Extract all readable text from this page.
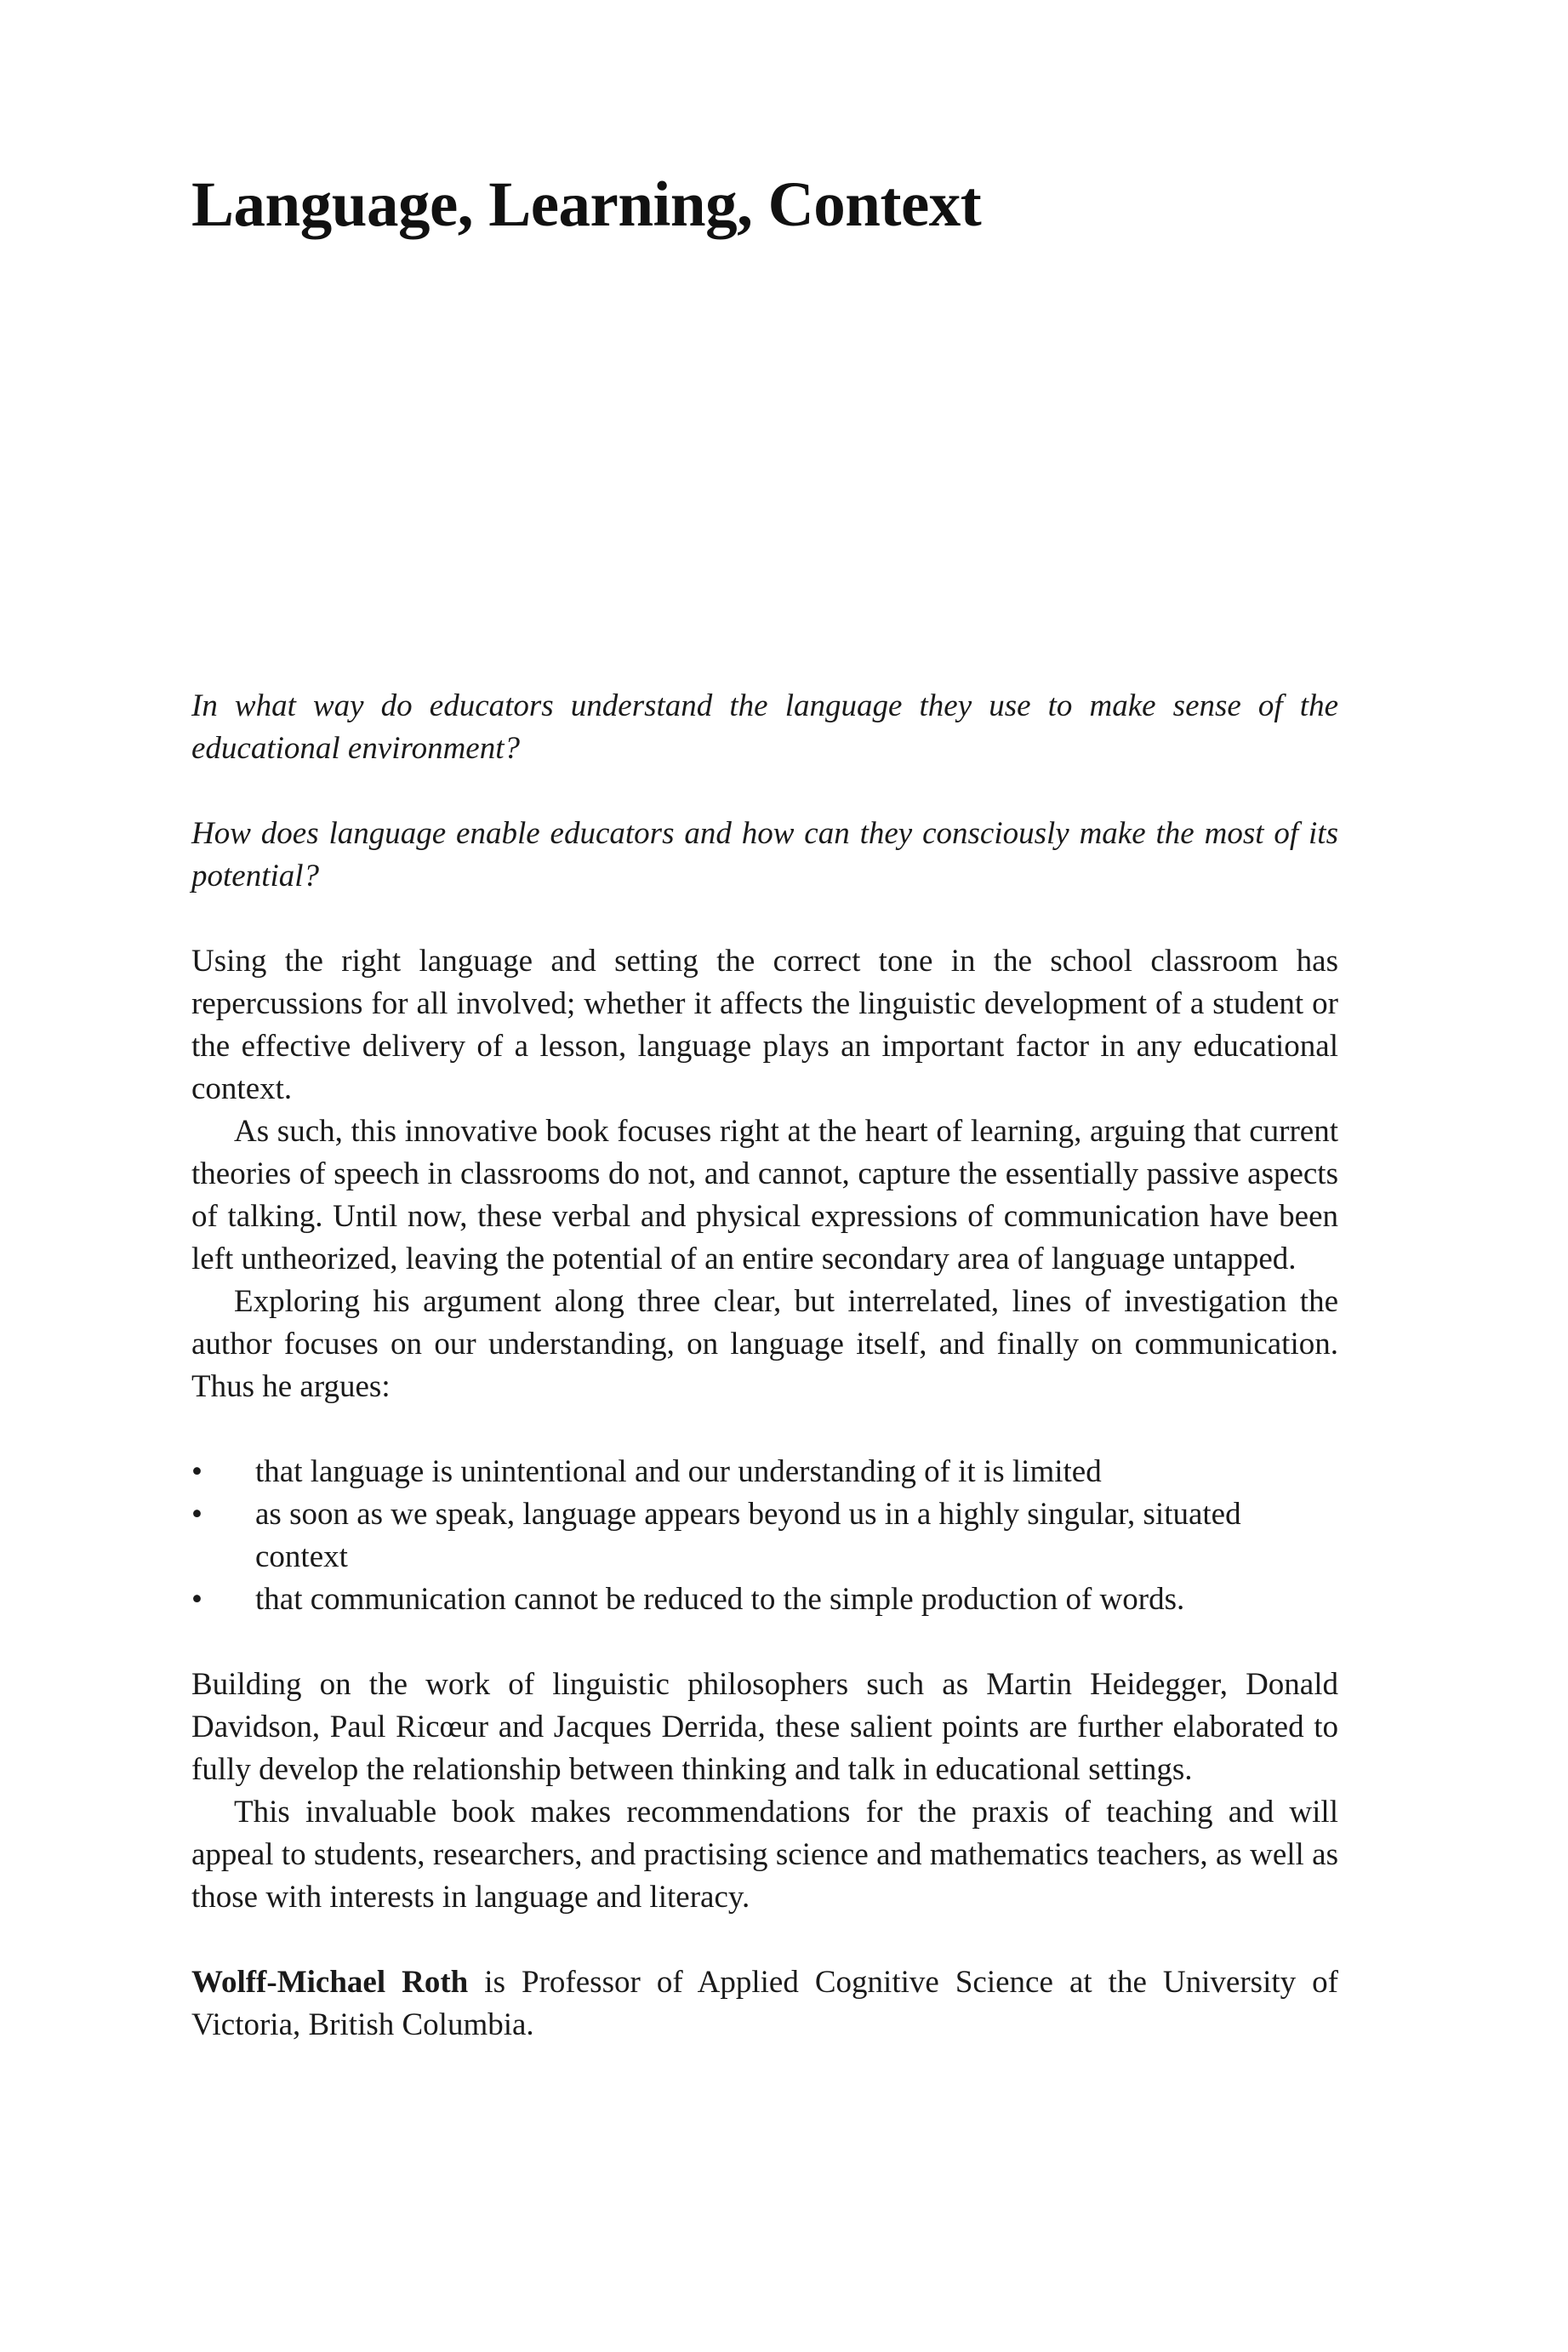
Language, Learning, Context

In what way do educators understand the language they use to make sense of the educational environment?

How does language enable educators and how can they consciously make the most of its potential?

Using the right language and setting the correct tone in the school classroom has repercussions for all involved; whether it affects the linguistic development of a student or the effective delivery of a lesson, language plays an important factor in any educational context.

As such, this innovative book focuses right at the heart of learning, arguing that current theories of speech in classrooms do not, and cannot, capture the essentially passive aspects of talking. Until now, these verbal and physical expressions of communication have been left untheorized, leaving the potential of an entire secondary area of language untapped.

Exploring his argument along three clear, but interrelated, lines of investigation the author focuses on our understanding, on language itself, and finally on communication. Thus he argues:

• that language is unintentional and our understanding of it is limited
• as soon as we speak, language appears beyond us in a highly singular, situated context
• that communication cannot be reduced to the simple production of words.

Building on the work of linguistic philosophers such as Martin Heidegger, Donald Davidson, Paul Ricœur and Jacques Derrida, these salient points are further elaborated to fully develop the relationship between thinking and talk in educational settings.

This invaluable book makes recommendations for the praxis of teaching and will appeal to students, researchers, and practising science and mathematics teachers, as well as those with interests in language and literacy.

Wolff-Michael Roth is Professor of Applied Cognitive Science at the University of Victoria, British Columbia.
